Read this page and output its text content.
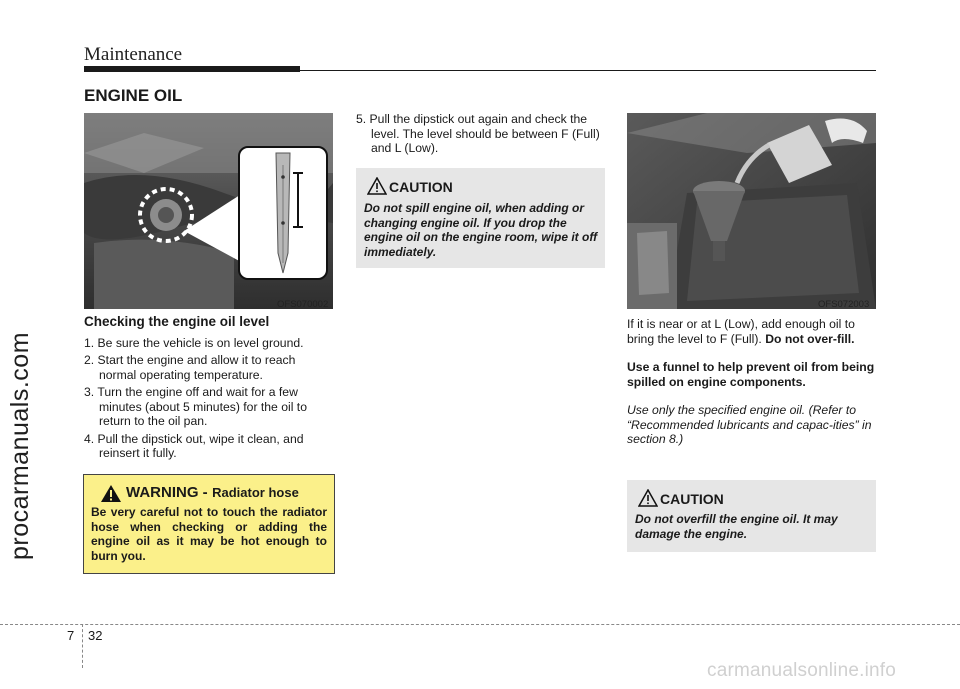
Maintenance
ENGINE OIL
procarmanuals.com
OFS070002
Checking the engine oil level
1. Be sure the vehicle is on level ground.
2. Start the engine and allow it to reach normal operating temperature.
3. Turn the engine off and wait for a few minutes (about 5 minutes) for the oil to return to the oil pan.
4. Pull the dipstick out, wipe it clean, and reinsert it fully.
WARNING - Radiator hose
Be very careful not to touch the radiator hose when checking or adding the engine oil as it may be hot enough to burn you.
5. Pull the dipstick out again and check the level. The level should be between F (Full) and L (Low).
CAUTION
Do not spill engine oil, when adding or changing engine oil. If you drop the engine oil on the engine room, wipe it off immediately.
OFS072003
If it is near or at L (Low), add enough oil to bring the level to F (Full). Do not over-fill.
Use a funnel to help prevent oil from being spilled on engine components.
Use only the specified engine oil. (Refer to “Recommended lubricants and capac-ities” in section 8.)
CAUTION
Do not overfill the engine oil. It may damage the engine.
7 32
carmanualsonline.info
